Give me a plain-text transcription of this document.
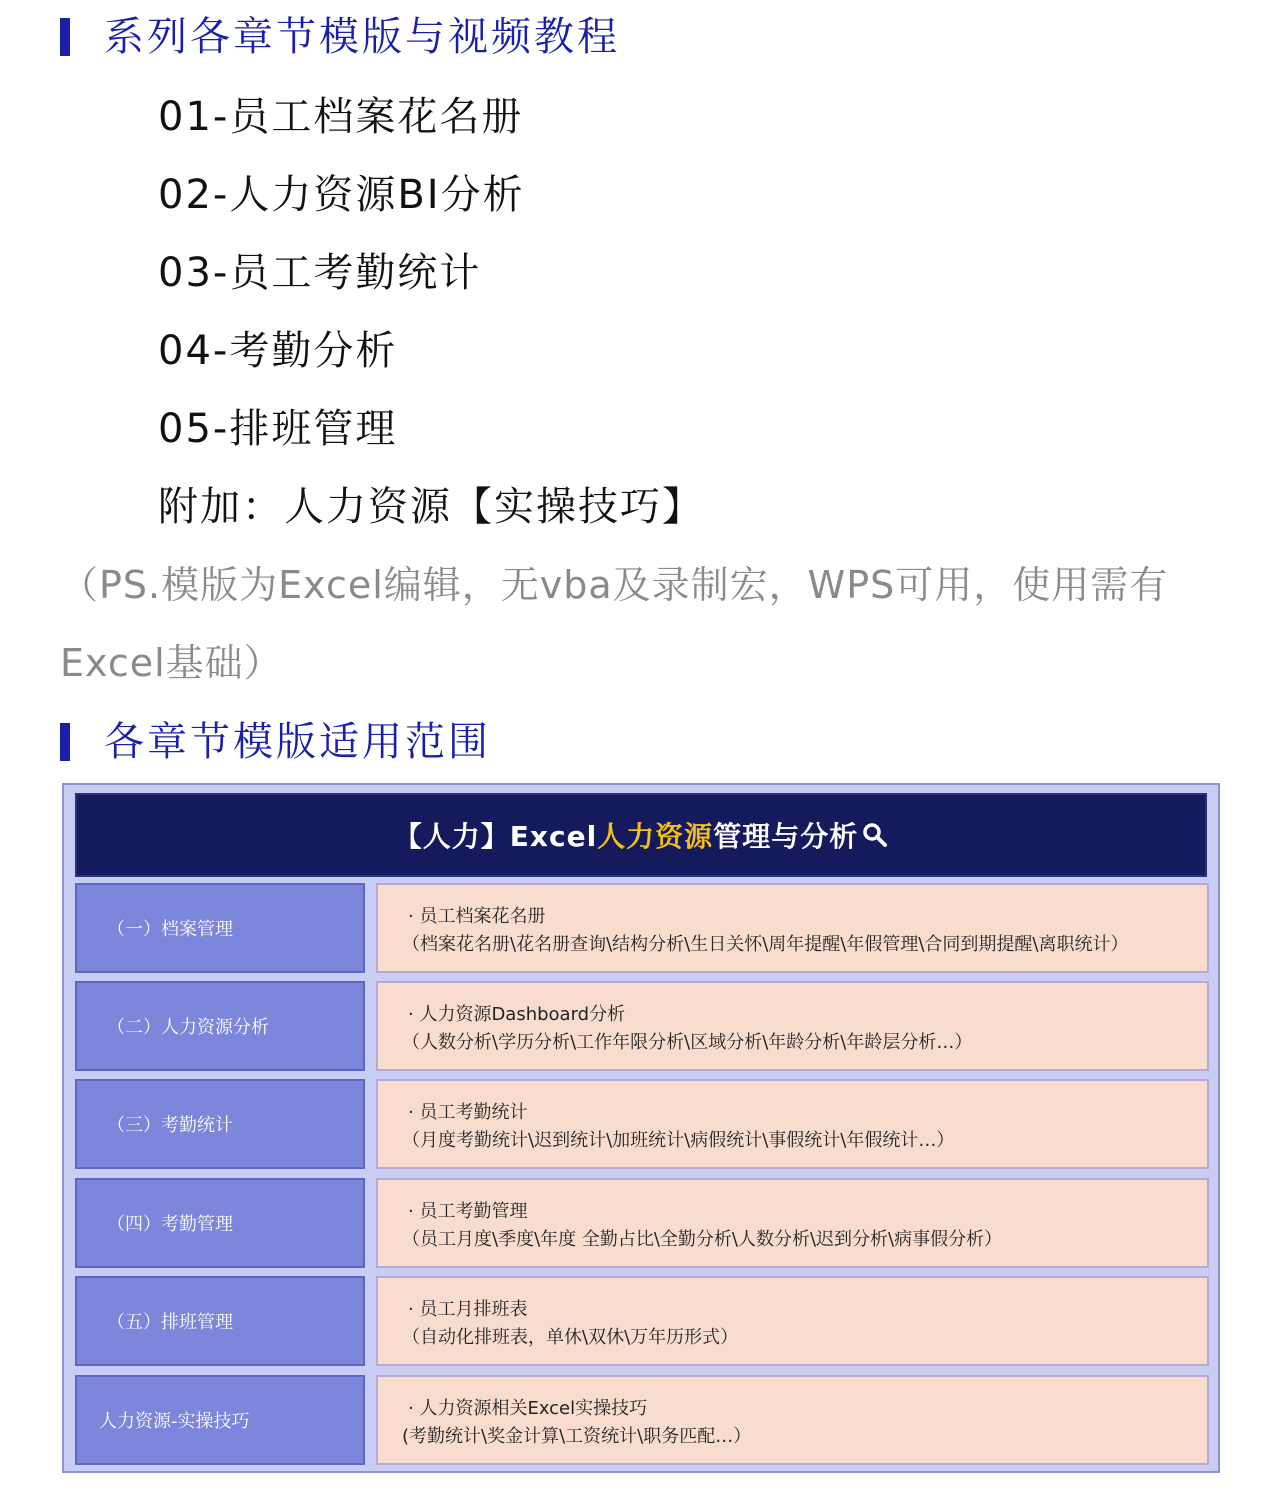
系列各章节模版与视频教程
01-员工档案花名册
02-人力资源BI分析
03-员工考勤统计
04-考勤分析
05-排班管理
附加：人力资源【实操技巧】
（PS.模版为Excel编辑，无vba及录制宏，WPS可用，使用需有Excel基础）
各章节模版适用范围
【人力】Excel 人力资源 管理与分析
（一）档案管理
· 员工档案花名册
（档案花名册\花名册查询\结构分析\生日关怀\周年提醒\年假管理\合同到期提醒\离职统计）
（二）人力资源分析
· 人力资源Dashboard分析
（人数分析\学历分析\工作年限分析\区域分析\年龄分析\年龄层分析…）
（三）考勤统计
· 员工考勤统计
（月度考勤统计\迟到统计\加班统计\病假统计\事假统计\年假统计…）
（四）考勤管理
· 员工考勤管理
（员工月度\季度\年度 全勤占比\全勤分析\人数分析\迟到分析\病事假分析）
（五）排班管理
· 员工月排班表
（自动化排班表，单休\双休\万年历形式）
人力资源-实操技巧
· 人力资源相关Excel实操技巧
(考勤统计\奖金计算\工资统计\职务匹配…）
